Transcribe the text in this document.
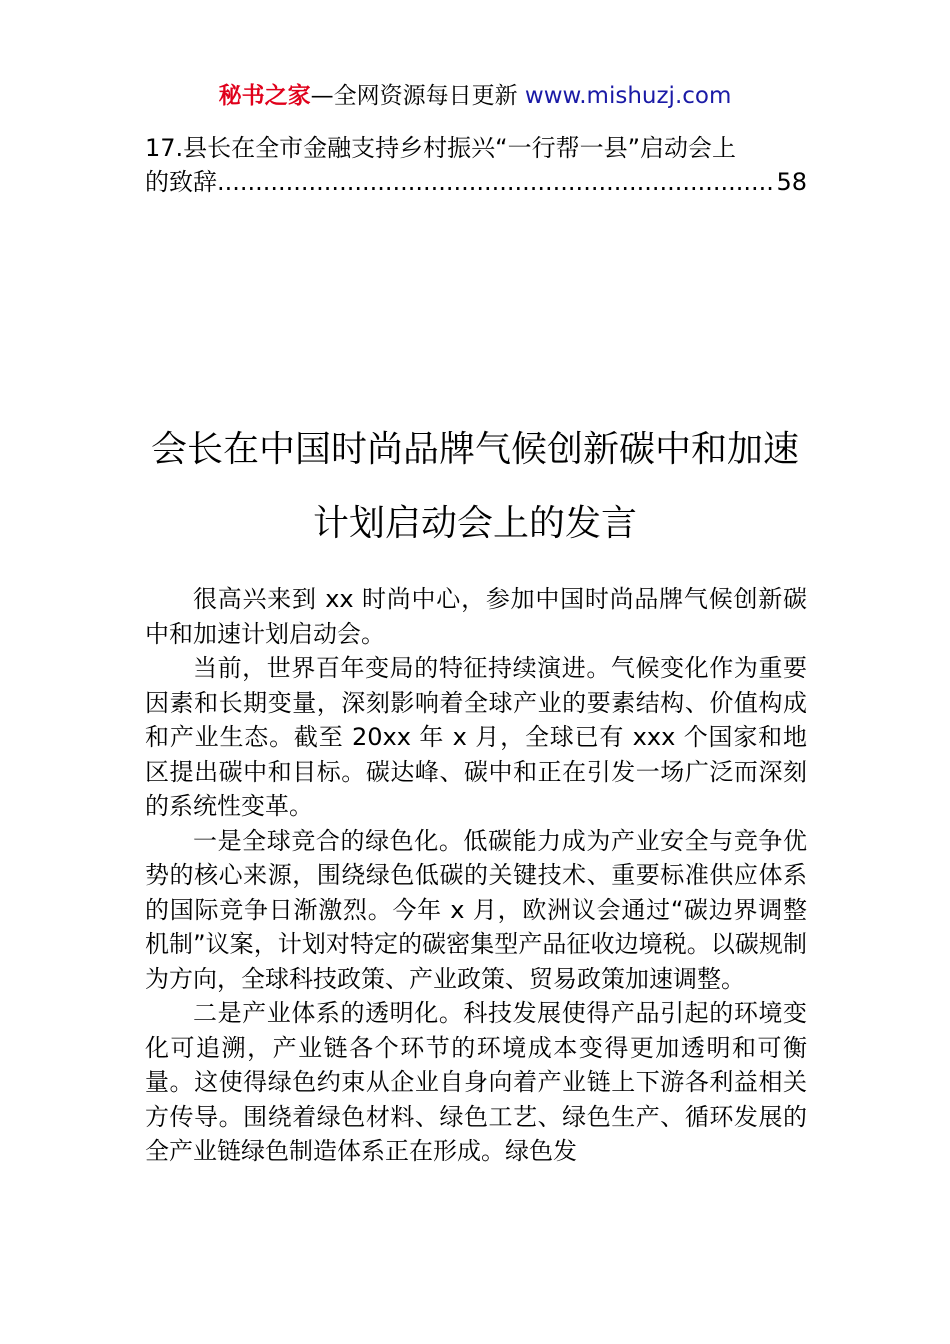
秘书之家—全网资源每日更新 www.mishuzj.com
17.县长在全市金融支持乡村振兴“一行帮一县”启动会上
的致辞
.....	58
会长在中国时尚品牌气候创新碳中和加速
计划启动会上的发言

很高兴来到 xx 时尚中心，参加中国时尚品牌气候创新碳中和加速计划启动会。

当前，世界百年变局的特征持续演进。气候变化作为重要因素和长期变量，深刻影响着全球产业的要素结构、价值构成和产业生态。截至 20xx 年 x 月，全球已有 xxx 个国家和地区提出碳中和目标。碳达峰、碳中和正在引发一场广泛而深刻的系统性变革。

一是全球竞合的绿色化。低碳能力成为产业安全与竞争优势的核心来源，围绕绿色低碳的关键技术、重要标准供应体系的国际竞争日渐激烈。今年 x 月，欧洲议会通过“碳边界调整机制”议案，计划对特定的碳密集型产品征收边境税。以碳规制为方向，全球科技政策、产业政策、贸易政策加速调整。

二是产业体系的透明化。科技发展使得产品引起的环境变化可追溯，产业链各个环节的环境成本变得更加透明和可衡量。这使得绿色约束从企业自身向着产业链上下游各利益相关方传导。围绕着绿色材料、绿色工艺、绿色生产、循环发展的全产业链绿色制造体系正在形成。绿色发
